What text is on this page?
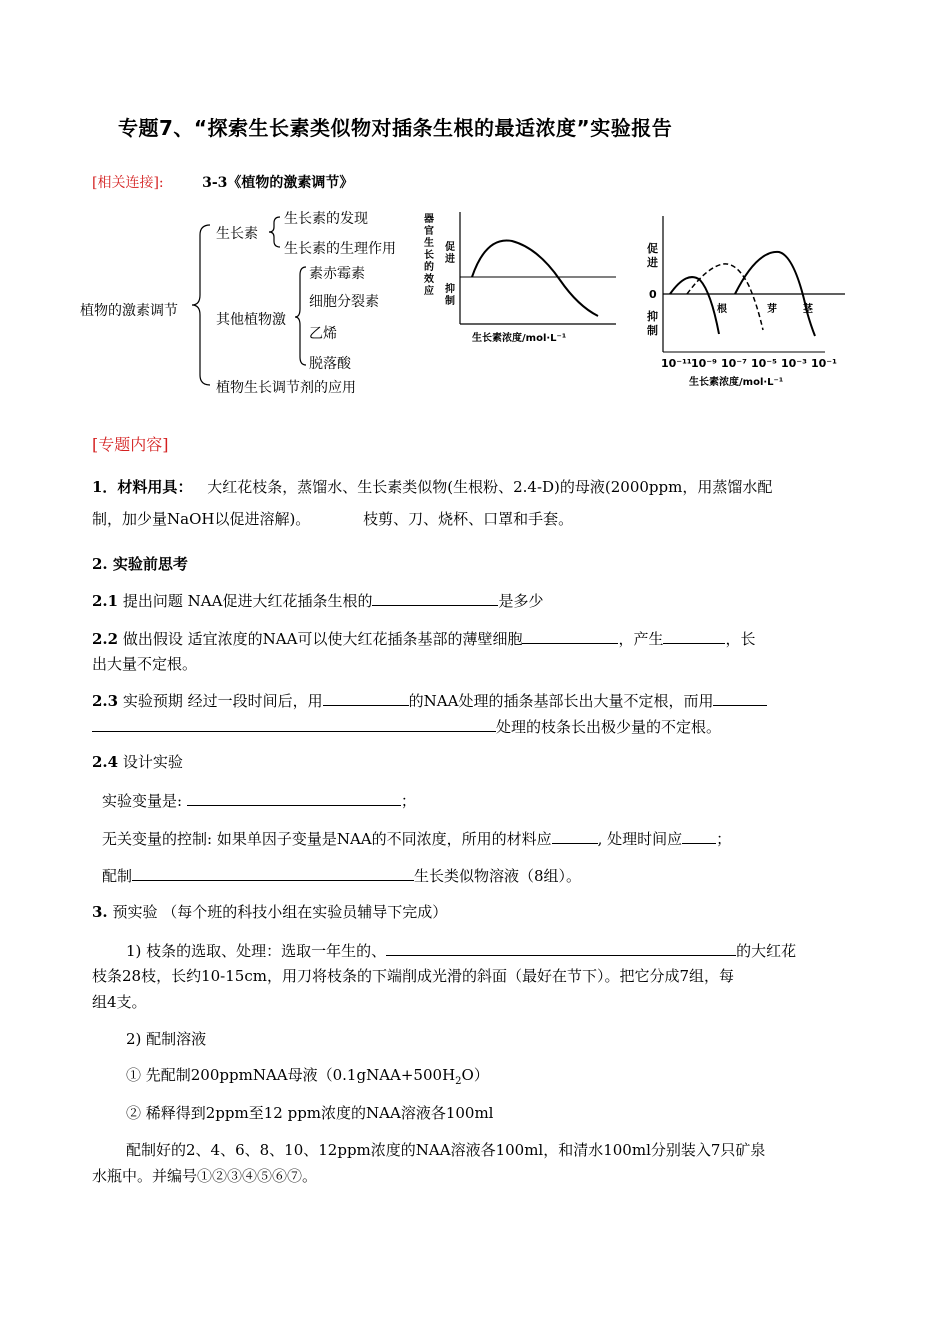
专题7、“探索生长素类似物对插条生根的最适浓度”实验报告
[相关连接]:	3-3《植物的激素调节》
植物的激素调节
生长素
生长素的发现
生长素的生理作用
其他植物激
素赤霉素
细胞分裂素
乙烯
脱落酸
植物生长调节剂的应用
器
官
生
长
的
效
应
促
进
抑
制
生长素浓度/mol·L⁻¹
促
进
0
抑
制
根	芽	茎
10⁻¹¹ 10⁻⁹ 10⁻⁷ 10⁻⁵ 10⁻³ 10⁻¹
生长素浓度/mol·L⁻¹
[专题内容]
1．材料用具： 大红花枝条，蒸馏水、生长素类似物(生根粉、2.4-D)的母液(2000ppm，用蒸馏水配
制，加少量NaOH以促进溶解)。	枝剪、刀、烧杯、口罩和手套。
2. 实验前思考
2.1 提出问题 NAA促进大红花插条生根的	是多少
2.2 做出假设 适宜浓度的NAA可以使大红花插条基部的薄壁细胞	，产生	，长
出大量不定根。
2.3 实验预期 经过一段时间后，用	的NAA处理的插条基部长出大量不定根，而用
处理的枝条长出极少量的不定根。
2.4 设计实验
实验变量是:	；
无关变量的控制: 如果单因子变量是NAA的不同浓度，所用的材料应	, 处理时间应 ；
配制	生长类似物溶液（8组）。
3. 预实验 （每个班的科技小组在实验员辅导下完成）
1) 枝条的选取、处理：选取一年生的、	的大红花
枝条28枝，长约10-15cm，用刀将枝条的下端削成光滑的斜面（最好在节下）。把它分成7组，每
组4支。
2) 配制溶液
① 先配制200ppmNAA母液$(0.1gNAA+500H_2O)$
② 稀释得到2ppm至12 ppm浓度的NAA溶液各100ml
配制好的2、4、6、8、10、12ppm浓度的NAA溶液各100ml，和清水100ml分别装入7只矿泉
水瓶中。并编号①②③④⑤⑥⑦。
